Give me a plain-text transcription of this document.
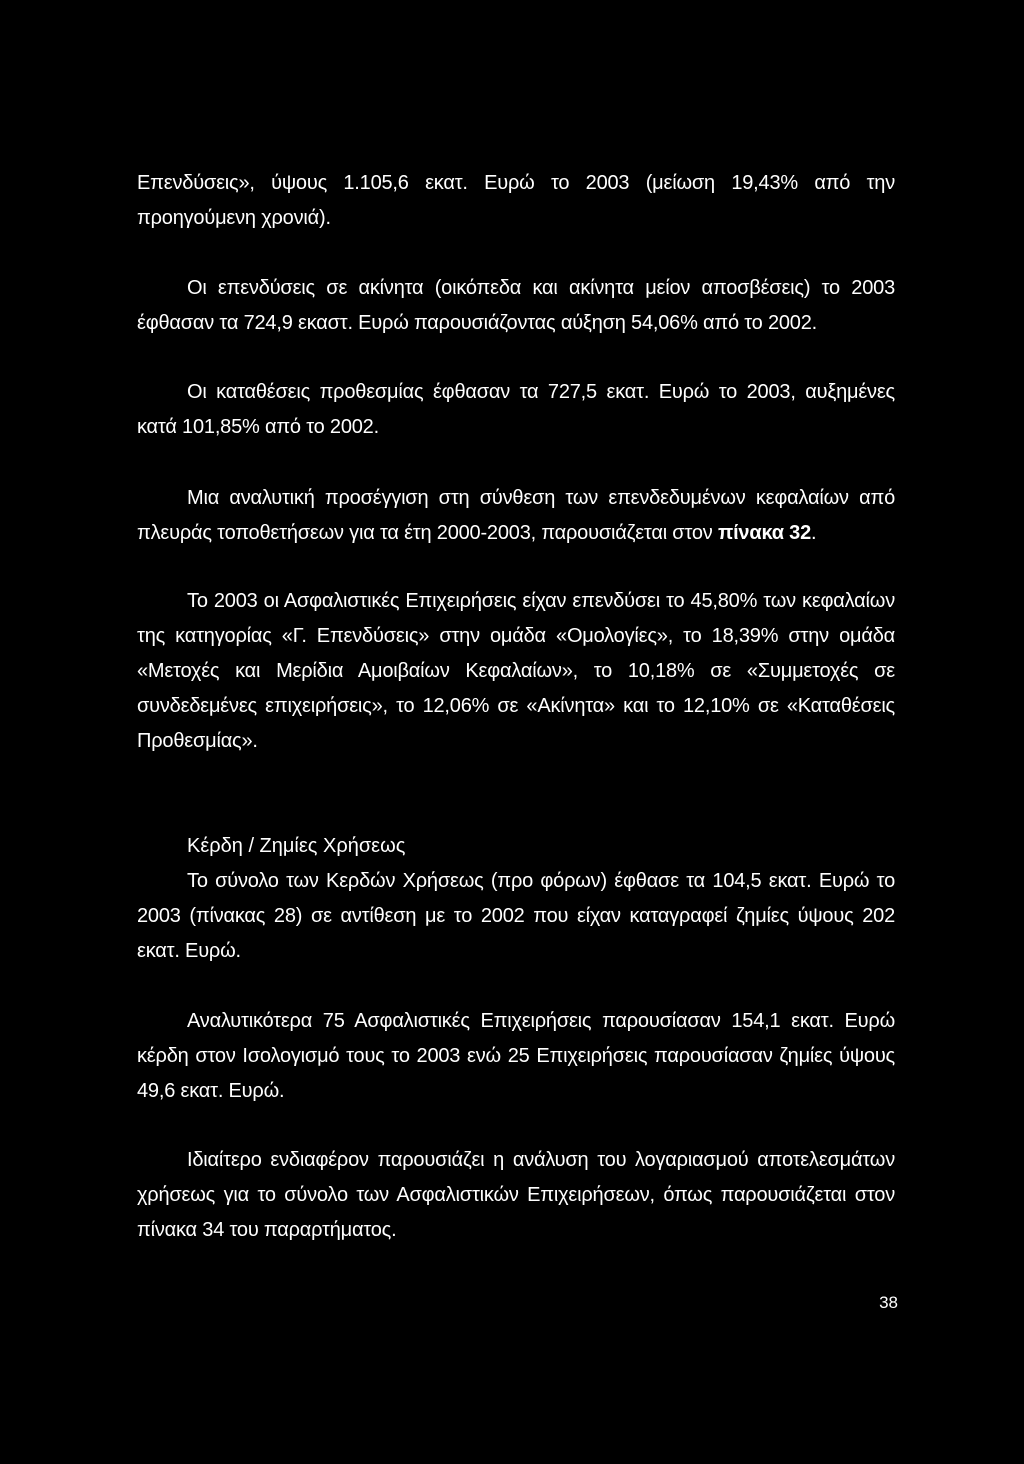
Επενδύσεις», ύψους 1.105,6 εκατ. Ευρώ το 2003 (μείωση 19,43% από την προηγούμενη χρονιά).

Οι επενδύσεις σε ακίνητα (οικόπεδα και ακίνητα μείον αποσβέσεις) το 2003 έφθασαν τα 724,9 εκαστ. Ευρώ παρουσιάζοντας αύξηση 54,06% από το 2002.

Οι καταθέσεις προθεσμίας έφθασαν τα 727,5 εκατ. Ευρώ το 2003, αυξημένες κατά 101,85% από το 2002.

Μια αναλυτική προσέγγιση στη σύνθεση των επενδεδυμένων κεφαλαίων από πλευράς τοποθετήσεων για τα έτη 2000-2003, παρουσιάζεται στον πίνακα 32.

Το 2003 οι Ασφαλιστικές Επιχειρήσεις είχαν επενδύσει το 45,80% των κεφαλαίων της κατηγορίας «Γ. Επενδύσεις» στην ομάδα «Ομολογίες», το 18,39% στην ομάδα «Μετοχές και Μερίδια Αμοιβαίων Κεφαλαίων», το 10,18% σε «Συμμετοχές σε συνδεδεμένες επιχειρήσεις», το 12,06% σε «Ακίνητα» και το 12,10% σε «Καταθέσεις Προθεσμίας».

Κέρδη / Ζημίες Χρήσεως

Το σύνολο των Κερδών Χρήσεως (προ φόρων) έφθασε τα 104,5 εκατ. Ευρώ το 2003 (πίνακας 28) σε αντίθεση με το 2002 που είχαν καταγραφεί ζημίες ύψους 202 εκατ. Ευρώ.

Αναλυτικότερα 75 Ασφαλιστικές Επιχειρήσεις παρουσίασαν 154,1 εκατ. Ευρώ κέρδη στον Ισολογισμό τους το 2003 ενώ 25 Επιχειρήσεις παρουσίασαν ζημίες ύψους 49,6 εκατ. Ευρώ.

Ιδιαίτερο ενδιαφέρον παρουσιάζει η ανάλυση του λογαριασμού αποτελεσμάτων χρήσεως για το σύνολο των Ασφαλιστικών Επιχειρήσεων, όπως παρουσιάζεται στον πίνακα 34 του παραρτήματος.

38
